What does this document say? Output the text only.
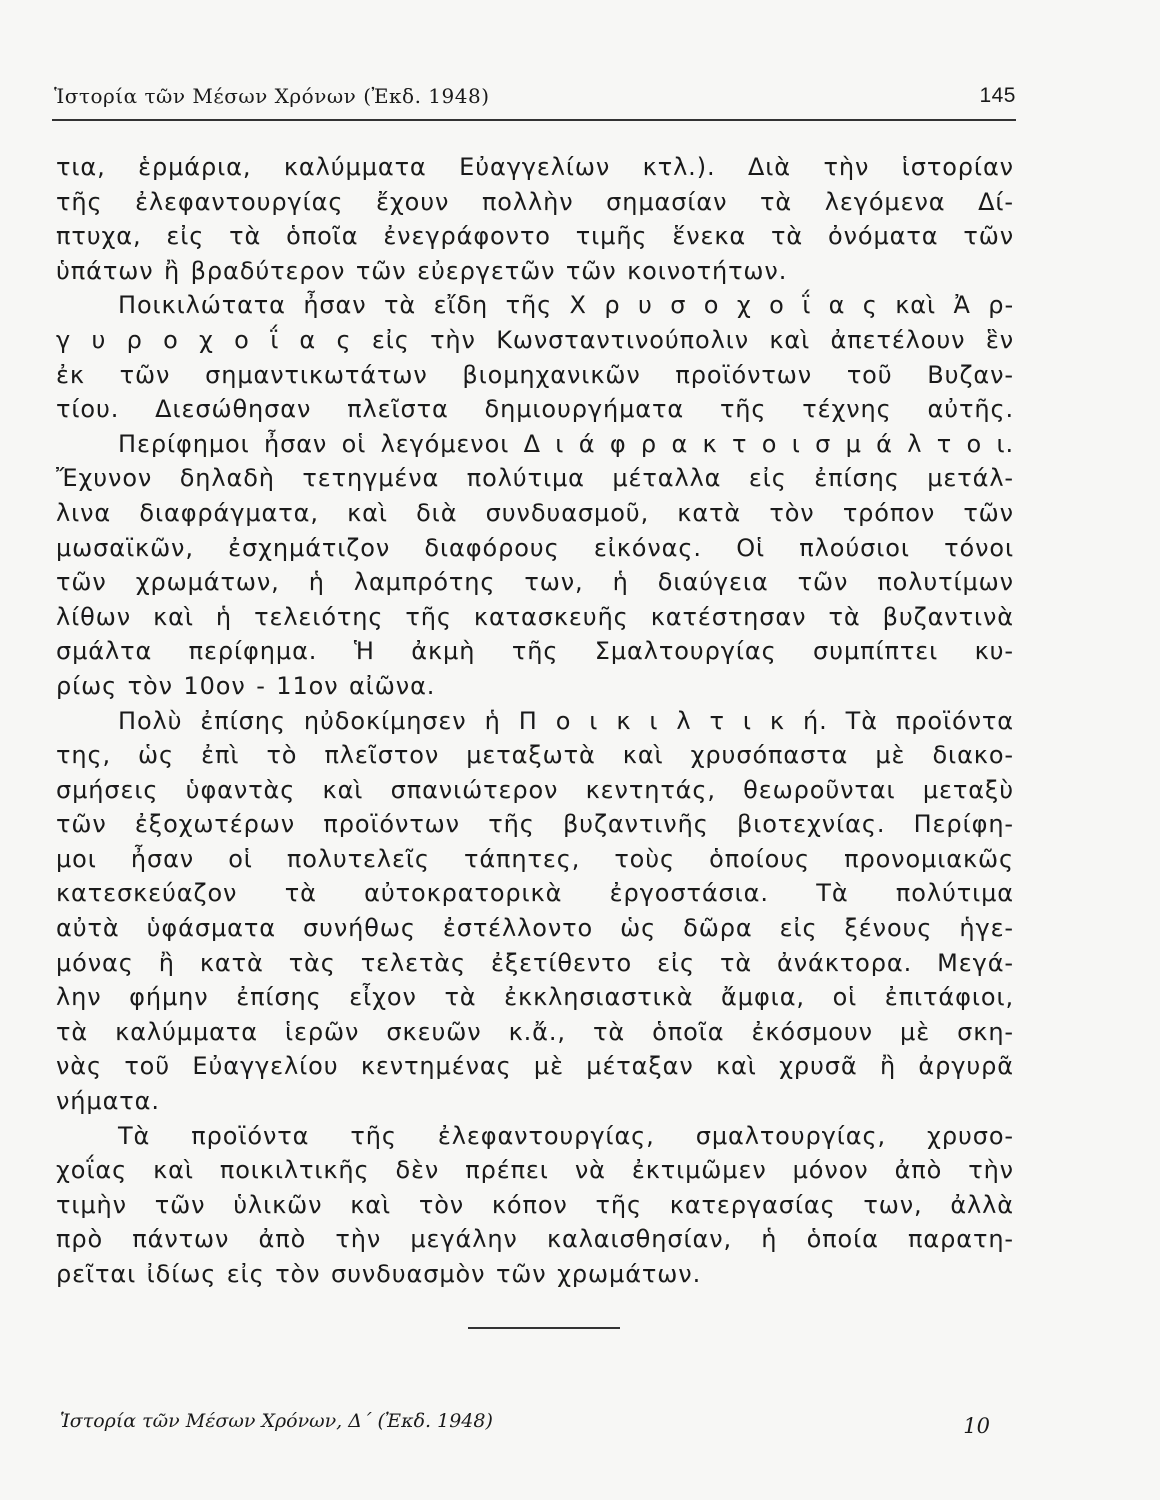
Ἱστορία τῶν Μέσων Χρόνων (Ἐκδ. 1948)	145
τια, ἑρμάρια, καλύμματα Εὐαγγελίων κτλ.). Διὰ τὴν ἱστορίαν
τῆς ἐλεφαντουργίας ἔχουν πολλὴν σημασίαν τὰ λεγόμενα Δί-
πτυχα, εἰς τὰ ὁποῖα ἐνεγράφοντο τιμῆς ἕνεκα τὰ ὀνόματα τῶν
ὑπάτων ἢ βραδύτερον τῶν εὐεργετῶν τῶν κοινοτήτων.
Ποικιλώτατα ἦσαν τὰ εἴδη τῆς Χ ρ υ σ ο χ ο ΐ α ς καὶ Ἀ ρ-
γ υ ρ ο χ ο ΐ α ς εἰς τὴν Κωνσταντινούπολιν καὶ ἀπετέλουν ἓν
ἐκ τῶν σημαντικωτάτων βιομηχανικῶν προϊόντων τοῦ Βυζαν-
τίου. Διεσώθησαν πλεῖστα δημιουργήματα τῆς τέχνης αὐτῆς.
Περίφημοι ἦσαν οἱ λεγόμενοι Δ ι ά φ ρ α κ τ ο ι σ μ ά λ τ ο ι.
Ἔχυνον δηλαδὴ τετηγμένα πολύτιμα μέταλλα εἰς ἐπίσης μετάλ-
λινα διαφράγματα, καὶ διὰ συνδυασμοῦ, κατὰ τὸν τρόπον τῶν
μωσαϊκῶν, ἐσχημάτιζον διαφόρους εἰκόνας. Οἱ πλούσιοι τόνοι
τῶν χρωμάτων, ἡ λαμπρότης των, ἡ διαύγεια τῶν πολυτίμων
λίθων καὶ ἡ τελειότης τῆς κατασκευῆς κατέστησαν τὰ βυζαντινὰ
σμάλτα περίφημα. Ἡ ἀκμὴ τῆς Σμαλτουργίας συμπίπτει κυ-
ρίως τὸν 10ον - 11ον αἰῶνα.
Πολὺ ἐπίσης ηὐδοκίμησεν ἡ Π ο ι κ ι λ τ ι κ ή. Τὰ προϊόντα
της, ὡς ἐπὶ τὸ πλεῖστον μεταξωτὰ καὶ χρυσόπαστα μὲ διακο-
σμήσεις ὑφαντὰς καὶ σπανιώτερον κεντητάς, θεωροῦνται μεταξὺ
τῶν ἐξοχωτέρων προϊόντων τῆς βυζαντινῆς βιοτεχνίας. Περίφη-
μοι ἦσαν οἱ πολυτελεῖς τάπητες, τοὺς ὁποίους προνομιακῶς
κατεσκεύαζον τὰ αὐτοκρατορικὰ ἐργοστάσια. Τὰ πολύτιμα
αὐτὰ ὑφάσματα συνήθως ἐστέλλοντο ὡς δῶρα εἰς ξένους ἡγε-
μόνας ἢ κατὰ τὰς τελετὰς ἐξετίθεντο εἰς τὰ ἀνάκτορα. Μεγά-
λην φήμην ἐπίσης εἶχον τὰ ἐκκλησιαστικὰ ἄμφια, οἱ ἐπιτάφιοι,
τὰ καλύμματα ἱερῶν σκευῶν κ.ἄ., τὰ ὁποῖα ἐκόσμουν μὲ σκη-
νὰς τοῦ Εὐαγγελίου κεντημένας μὲ μέταξαν καὶ χρυσᾶ ἢ ἀργυρᾶ
νήματα.
Τὰ προϊόντα τῆς ἐλεφαντουργίας, σμαλτουργίας, χρυσο-
χοΐας καὶ ποικιλτικῆς δὲν πρέπει νὰ ἐκτιμῶμεν μόνον ἀπὸ τὴν
τιμὴν τῶν ὑλικῶν καὶ τὸν κόπον τῆς κατεργασίας των, ἀλλὰ
πρὸ πάντων ἀπὸ τὴν μεγάλην καλαισθησίαν, ἡ ὁποία παρατη-
ρεῖται ἰδίως εἰς τὸν συνδυασμὸν τῶν χρωμάτων.
Ἱστορία τῶν Μέσων Χρόνων, Δ΄ (Ἐκδ. 1948)	10
